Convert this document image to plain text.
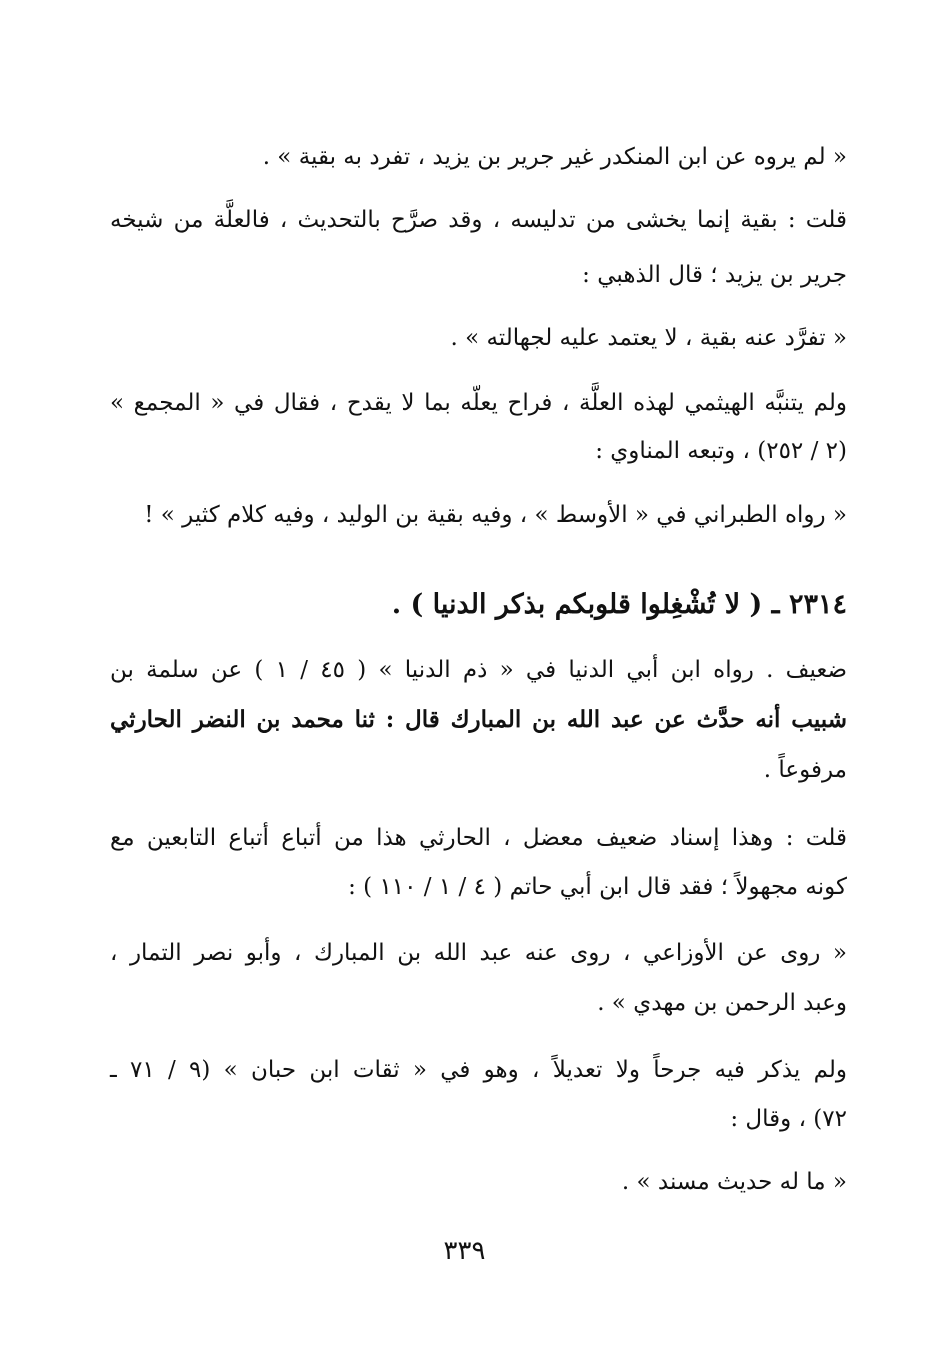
« لم يروه عن ابن المنكدر غير جرير بن يزيد ، تفرد به بقية » .
قلت : بقية إنما يخشى من تدليسه ، وقد صرَّح بالتحديث ، فالعلَّة من شيخه
جرير بن يزيد ؛ قال الذهبي :
« تفرَّد عنه بقية ، لا يعتمد عليه لجهالته » .
ولم يتنبَّه الهيثمي لهذه العلَّة ، فراح يعلّه بما لا يقدح ، فقال في « المجمع »
(٢ / ٢٥٢) ، وتبعه المناوي :
« رواه الطبراني في « الأوسط » ، وفيه بقية بن الوليد ، وفيه كلام كثير » !
٢٣١٤ ـ ( لا تُشْغِلوا قلوبكم بذكر الدنيا ) .
ضعيف . رواه ابن أبي الدنيا في « ذم الدنيا » ( ٤٥ / ١ ) عن سلمة بن
شبيب أنه حدَّث عن عبد الله بن المبارك قال : ثنا محمد بن النضر الحارثي
مرفوعاً .
قلت : وهذا إسناد ضعيف معضل ، الحارثي هذا من أتباع أتباع التابعين مع
كونه مجهولاً ؛ فقد قال ابن أبي حاتم ( ٤ / ١ / ١١٠ ) :
« روى عن الأوزاعي ، روى عنه عبد الله بن المبارك ، وأبو نصر التمار ،
وعبد الرحمن بن مهدي » .
ولم يذكر فيه جرحاً ولا تعديلاً ، وهو في « ثقات ابن حبان » (٩ / ٧١ ـ
٧٢) ، وقال :
« ما له حديث مسند » .
٣٣٩
